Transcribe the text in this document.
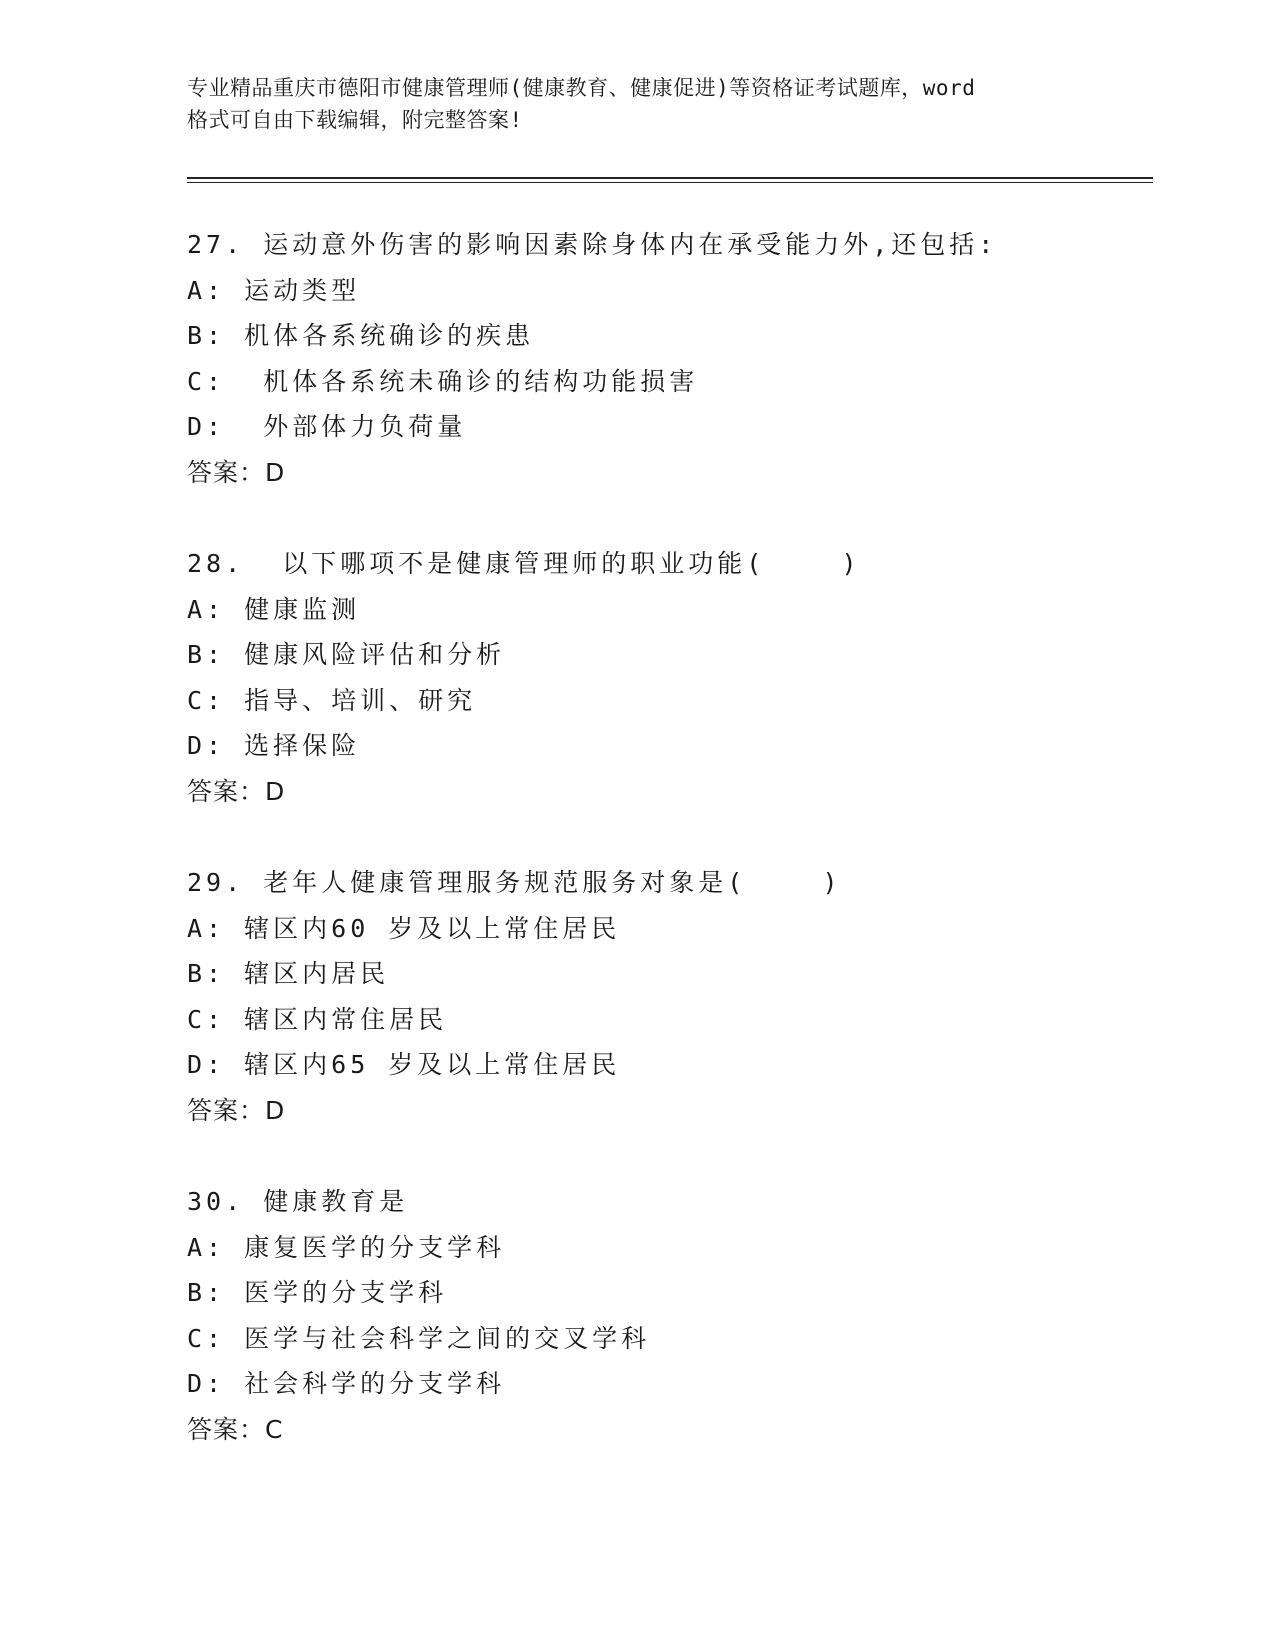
专业精品重庆市德阳市健康管理师(健康教育、健康促进)等资格证考试题库，word
格式可自由下载编辑，附完整答案!
27. 运动意外伤害的影响因素除身体内在承受能力外,还包括:
A: 运动类型
B: 机体各系统确诊的疾患
C:  机体各系统未确诊的结构功能损害
D:  外部体力负荷量
答案：D
28.  以下哪项不是健康管理师的职业功能(    )
A: 健康监测
B: 健康风险评估和分析
C: 指导、培训、研究
D: 选择保险
答案：D
29. 老年人健康管理服务规范服务对象是(    )
A: 辖区内60 岁及以上常住居民
B: 辖区内居民
C: 辖区内常住居民
D: 辖区内65 岁及以上常住居民
答案：D
30. 健康教育是
A: 康复医学的分支学科
B: 医学的分支学科
C: 医学与社会科学之间的交叉学科
D: 社会科学的分支学科
答案：C
